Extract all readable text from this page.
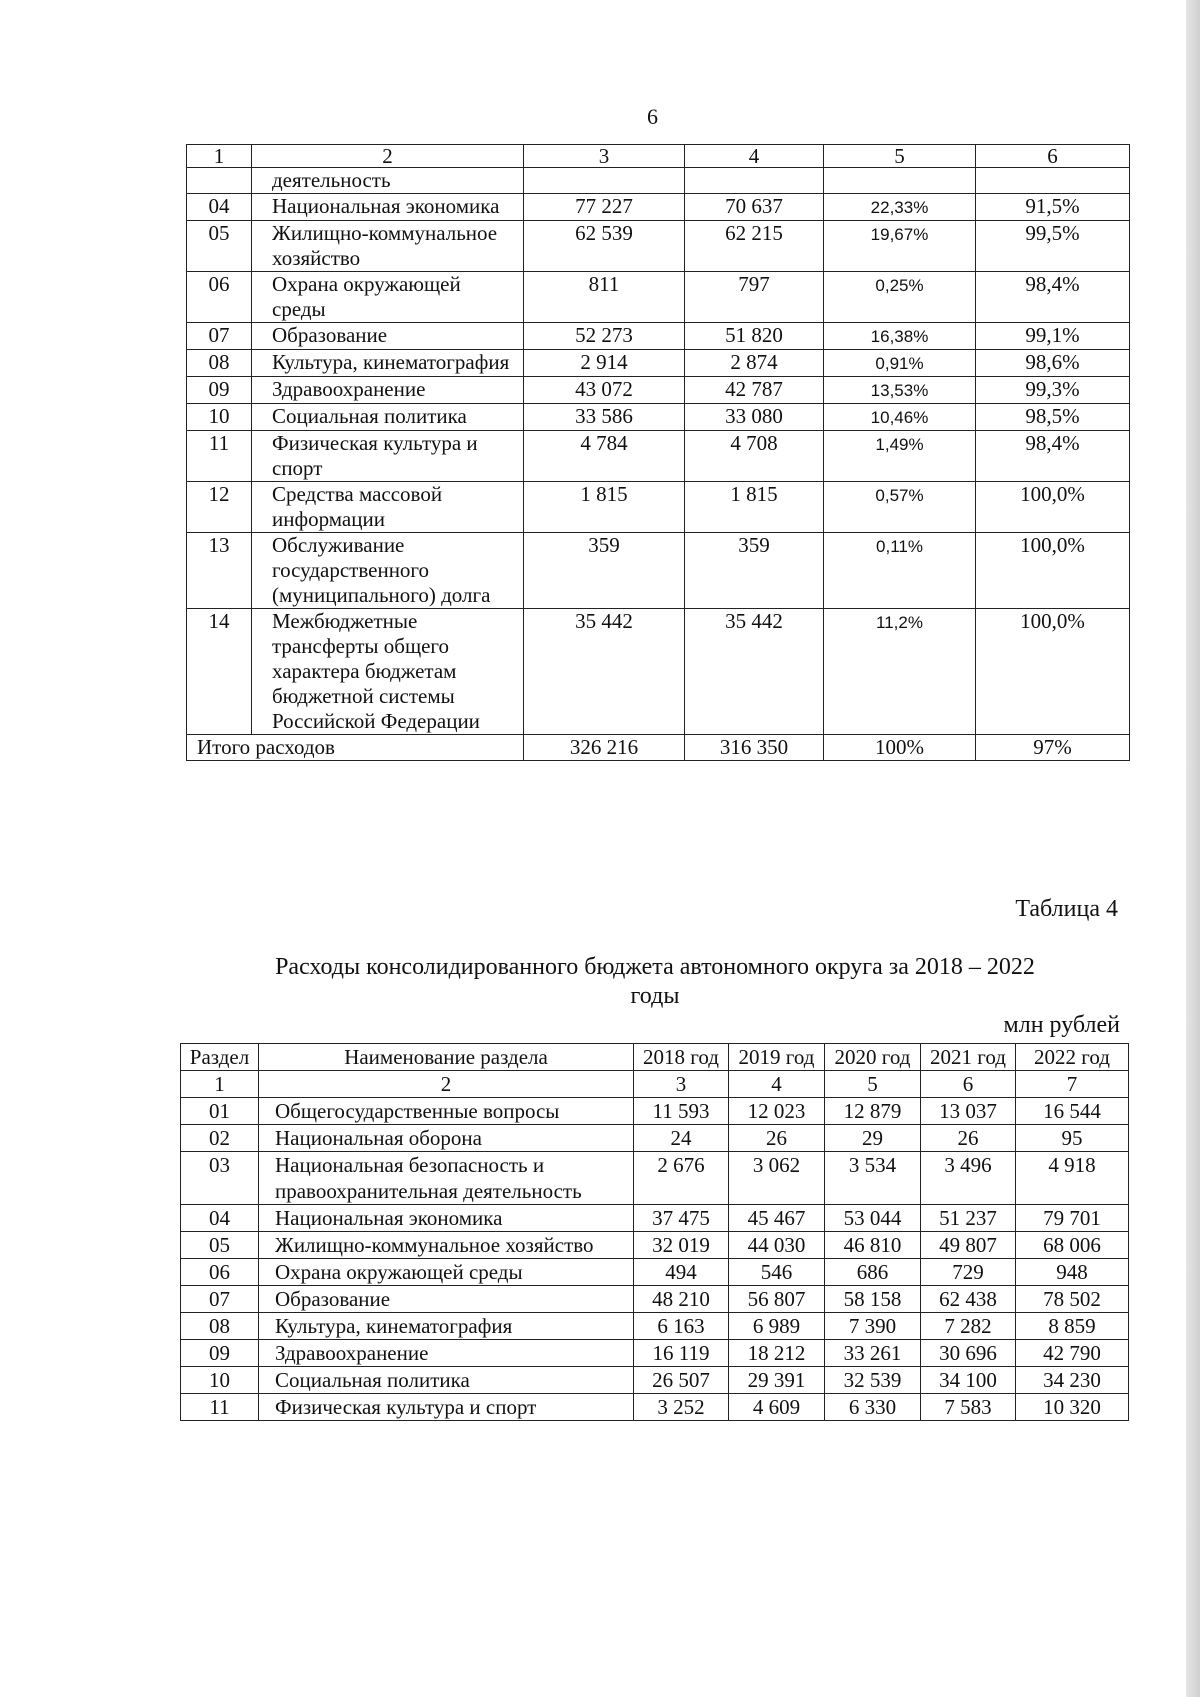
6
1	2	3	4	5	6
	деятельность				
04	Национальная экономика	77 227	70 637	22,33%	91,5%
05	Жилищно-коммунальное хозяйство	62 539	62 215	19,67%	99,5%
06	Охрана окружающей среды	811	797	0,25%	98,4%
07	Образование	52 273	51 820	16,38%	99,1%
08	Культура, кинематография	2 914	2 874	0,91%	98,6%
09	Здравоохранение	43 072	42 787	13,53%	99,3%
10	Социальная политика	33 586	33 080	10,46%	98,5%
11	Физическая культура и спорт	4 784	4 708	1,49%	98,4%
12	Средства массовой информации	1 815	1 815	0,57%	100,0%
13	Обслуживание государственного (муниципального) долга	359	359	0,11%	100,0%
14	Межбюджетные трансферты общего характера бюджетам бюджетной системы Российской Федерации	35 442	35 442	11,2%	100,0%
Итого расходов		326 216	316 350	100%	97%
Таблица 4
Расходы консолидированного бюджета автономного округа за 2018 – 2022 годы
млн рублей
Раздел	Наименование раздела	2018 год	2019 год	2020 год	2021 год	2022 год
1	2	3	4	5	6	7
01	Общегосударственные вопросы	11 593	12 023	12 879	13 037	16 544
02	Национальная оборона	24	26	29	26	95
03	Национальная безопасность и правоохранительная деятельность	2 676	3 062	3 534	3 496	4 918
04	Национальная экономика	37 475	45 467	53 044	51 237	79 701
05	Жилищно-коммунальное хозяйство	32 019	44 030	46 810	49 807	68 006
06	Охрана окружающей среды	494	546	686	729	948
07	Образование	48 210	56 807	58 158	62 438	78 502
08	Культура, кинематография	6 163	6 989	7 390	7 282	8 859
09	Здравоохранение	16 119	18 212	33 261	30 696	42 790
10	Социальная политика	26 507	29 391	32 539	34 100	34 230
11	Физическая культура и спорт	3 252	4 609	6 330	7 583	10 320
